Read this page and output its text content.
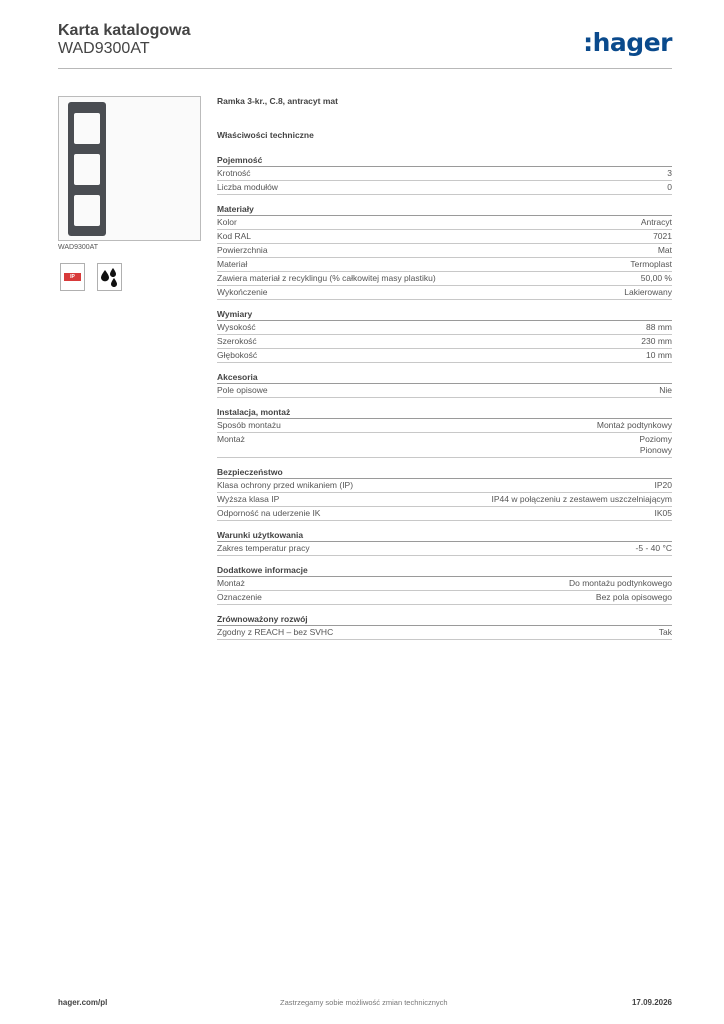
Karta katalogowa
WAD9300AT	:hager
WAD9300AT
IP
Ramka 3-kr., C.8, antracyt mat
Właściwości techniczne
Pojemność
Krotność	3
Liczba modułów	0
Materiały
Kolor	Antracyt
Kod RAL	7021
Powierzchnia	Mat
Materiał	Termoplast
Zawiera materiał z recyklingu (% całkowitej masy plastiku)	50,00 %
Wykończenie	Lakierowany
Wymiary
Wysokość	88 mm
Szerokość	230 mm
Głębokość	10 mm
Akcesoria
Pole opisowe	Nie
Instalacja, montaż
Sposób montażu	Montaż podtynkowy
Montaż	Poziomy
Pionowy
Bezpieczeństwo
Klasa ochrony przed wnikaniem (IP)	IP20
Wyższa klasa IP	IP44 w połączeniu z zestawem uszczelniającym
Odporność na uderzenie IK	IK05
Warunki użytkowania
Zakres temperatur pracy	-5 - 40 °C
Dodatkowe informacje
Montaż	Do montażu podtynkowego
Oznaczenie	Bez pola opisowego
Zrównoważony rozwój
Zgodny z REACH – bez SVHC	Tak
hager.com/pl	Zastrzegamy sobie możliwość zmian technicznych	17.09.2026
